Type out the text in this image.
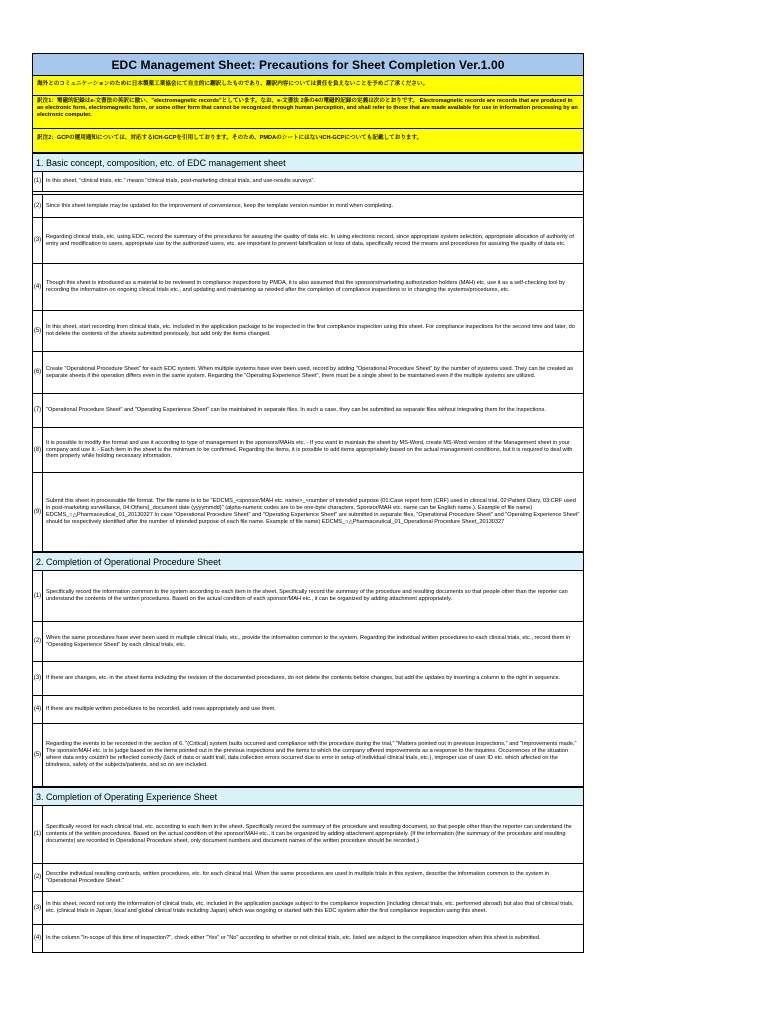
EDC Management Sheet: Precautions for Sheet Completion Ver.1.00
海外とのコミュニケーションのために日本製薬工業協会にて自主的に翻訳したものであり、翻訳内容については責任を負えないことを予めご了承ください。
訳注1：電磁的記録はe-文書法の英訳に倣い、"electromagnetic records"としています。なお、e-文書法 2条の4の電磁的記録の定義は次のとおりです。 Electromagnetic records are records that are produced in an electronic form, electromagnetic form, or some other form that cannot be recognized through human perception, and shall refer to those that are made available for use in information processing by an electronic computer.
訳注2：GCPの運用通知については、対応するICH-GCPを引用しております。そのため、PMDAのシートにはないICH-GCPについても記載しております。
1. Basic concept, composition, etc. of EDC management sheet
(1) In this sheet, "clinical trials, etc." means "clinical trials, post-marketing clinical trials, and use-results surveys".
(2) Since this sheet template may be updated for the improvement of convenience, keep the template version number in mind when completing.
(3)
Regarding clinical trials, etc. using EDC, record the summary of the procedures for assuring the quality of data etc. In using electronic record, since appropriate system selection, appropriate allocation of authority of entry and modification to users, appropriate use by the authorized users, etc. are important to prevent falsification or loss of data, specifically record the means and procedures for assuring the quality of data etc.
(4)
Though this sheet is introduced as a material to be reviewed in compliance inspections by PMDA, it is also assumed that the sponsors/marketing authorization holders (MAH) etc. use it as a self-checking tool by recording the information on ongoing clinical trials etc., and updating and maintaining as needed after the completion of compliance inspections or in changing the systems/procedures, etc.
(5)
In this sheet, start recording from clinical trials, etc. included in the application package to be inspected in the first compliance inspection using this sheet. For compliance inspections for the second time and later, do not delete the contents of the sheets submitted previously, but add only the items changed.
(6)
Create "Operational Procedure Sheet" for each EDC system. When multiple systems have ever been used, record by adding "Operational Procedure Sheet" by the number of systems used. They can be created as separate sheets if the operation differs even in the same system. Regarding the "Operating Experience Sheet", there must be a single sheet to be maintained even if the multiple systems are utilized.
(7) "Operational Procedure Sheet" and "Operating Experience Sheet" can be maintained in separate files. In such a case, they can be submitted as separate files without integrating them for the inspections.
(8)
It is possible to modify the format and use it according to type of management in the sponsors/MAHs etc. - If you want to maintain the sheet by MS-Word, create MS-Word version of the Management sheet in your company and use it. - Each item in the sheet is the minimum to be confirmed. Regarding the items, it is possible to add items appropriately based on the actual management conditions, but it is required to deal with them properly while holding necessary information.
(9)
Submit this sheet in processable file format. The file name is to be "EDCMS_<sponsor/MAH etc. name>_<number of intended purpose (01:Case report form (CRF) used in clinical trial, 02:Patient Diary, 03:CRF used in post-marketing surveillance, 04:Others)_document date (yyyymmdd)" (alpha-numeric codes are to be one-byte characters. Sponsor/MAH etc. name can be English name.). Example of file name) EDCMS_○△Pharmaceutical_01_20130327 In case "Operational Procedure Sheet" and "Operating Experience Sheet" are submitted in separate files, "Operational Procedure Sheet" and "Operating Experience Sheet" should be respectively identified after the number of intended purpose of each file name. Example of file name) EDCMS_○△Pharmaceutical_01_Operational Procedure Sheet_20130327
2. Completion of Operational Procedure Sheet
(1)
Specifically record the information common to the system according to each item in the sheet. Specifically record the summary of the procedure and resulting documents so that people other than the reporter can understand the contents of the written procedures. Based on the actual condition of each sponsor/MAH etc., it can be organized by adding attachment appropriately.
(2)
When the same procedures have ever been used in multiple clinical trials, etc., provide the information common to the system. Regarding the individual written procedures to each clinical trials, etc., record them in "Operating Experience Sheet" by each clinical trials, etc.
(3) If there are changes, etc. in the sheet items including the revision of the documented procedures, do not delete the contents before changes, but add the updates by inserting a column to the right in sequence.
(4) If there are multiple written procedures to be recorded, add rows appropriately and use them.
(5)
Regarding the events to be recorded in the section of 6. "(Critical) system faults occurred and compliance with the procedure during the trial," "Matters pointed out in previous inspections," and "Improvements made," The sponsor/MAH etc. is to judge based on the items pointed out in the previous inspections and the items to which the company offered improvements as a response to the inquiries. Occurrences of the situation where data entry couldn't be reflected correctly (lack of data or audit trail, data collection errors occurred due to error in setup of individual clinical trials, etc.), improper use of user ID etc. which affected on the blindness, safety of the subjects/patients, and so on are included.
3. Completion of Operating Experience Sheet
(1)
Specifically record for each clinical trial, etc. according to each item in the sheet. Specifically record the summary of the procedure and resulting document, so that people other than the reporter can understand the contents of the written procedures. Based on the actual condition of the sponsor/MAH etc., it can be organized by adding attachment appropriately. (If the information (the summary of the procedure and resulting documents) are recorded in Operational Procedure sheet, only document numbers and document names of the written procedure should be recorded.)
(2)
Describe individual resulting contracts, written procedures, etc. for each clinical trial. When the same procedures are used in multiple trials in this system, describe the information common to the system in "Operational Procedure Sheet."
(3)
In this sheet, record not only the information of clinical trials, etc. included in the application package subject to the compliance inspection (including clinical trials, etc. performed abroad) but also that of clinical trials, etc. (clinical trials in Japan, local and global clinical trials including Japan) which was ongoing or started with this EDC system after the first compliance inspection using this sheet.
(4) In the column "In-scope of this time of inspection?", check either "Yes" or "No" according to whether or not clinical trials, etc. listed are subject to the compliance inspection when this sheet is submitted.
